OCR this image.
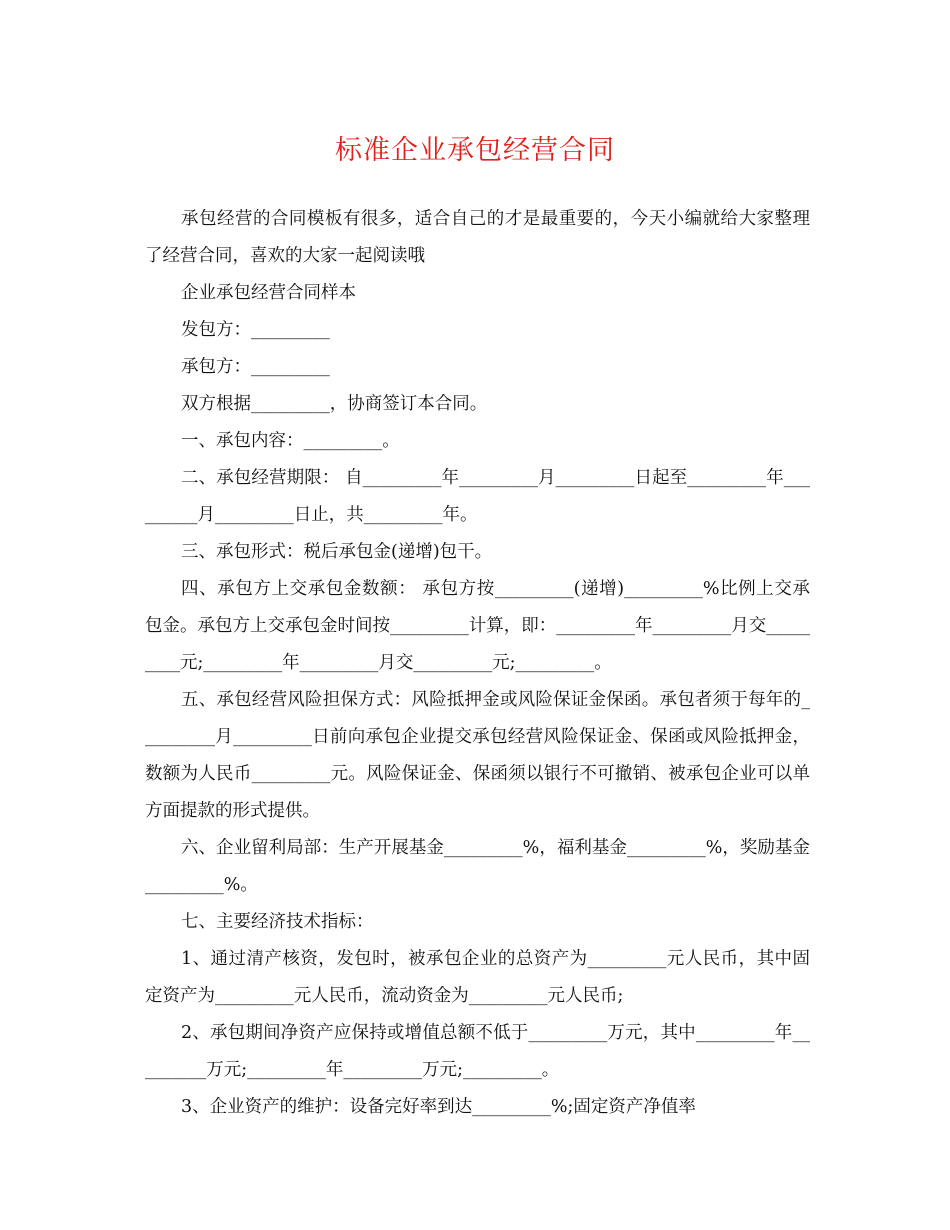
标准企业承包经营合同

承包经营的合同模板有很多，适合自己的才是最重要的，今天小编就给大家整理了经营合同，喜欢的大家一起阅读哦

企业承包经营合同样本

发包方：_________

承包方：_________

双方根据_________，协商签订本合同。

一、承包内容：_________。

二、承包经营期限： 自_________年_________月_________日起至_________年_________月_________日止，共_________年。

三、承包形式：税后承包金(递增)包干。

四、承包方上交承包金数额： 承包方按_________(递增)_________%比例上交承包金。承包方上交承包金时间按_________计算，即：_________年_________月交_________元;_________年_________月交_________元;_________。

五、承包经营风险担保方式：风险抵押金或风险保证金保函。承包者须于每年的_________月_________日前向承包企业提交承包经营风险保证金、保函或风险抵押金，数额为人民币_________元。风险保证金、保函须以银行不可撤销、被承包企业可以单方面提款的形式提供。

六、企业留利局部：生产开展基金_________%，福利基金_________%，奖励基金_________%。

七、主要经济技术指标：

1、通过清产核资，发包时，被承包企业的总资产为_________元人民币，其中固定资产为_________元人民币，流动资金为_________元人民币;

2、承包期间净资产应保持或增值总额不低于_________万元，其中_________年_________万元;_________年_________万元;_________。

3、企业资产的维护：设备完好率到达_________%;固定资产净值率
